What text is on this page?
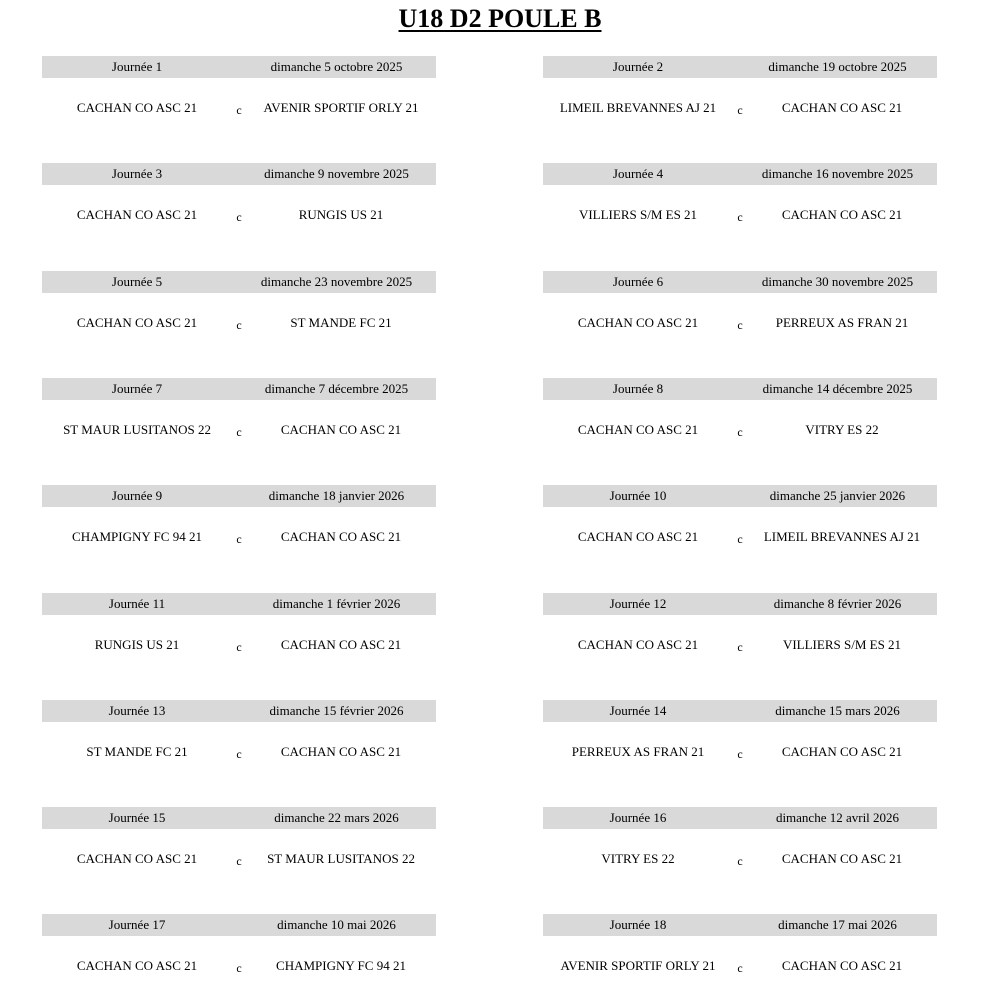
U18 D2 POULE B
Journée 1	dimanche 5 octobre 2025
CACHAN CO ASC 21	c	AVENIR SPORTIF ORLY 21
Journée 2	dimanche 19 octobre 2025
LIMEIL BREVANNES AJ 21	c	CACHAN CO ASC 21
Journée 3	dimanche 9 novembre 2025
CACHAN CO ASC 21	c	RUNGIS US 21
Journée 4	dimanche 16 novembre 2025
VILLIERS S/M ES 21	c	CACHAN CO ASC 21
Journée 5	dimanche 23 novembre 2025
CACHAN CO ASC 21	c	ST MANDE FC 21
Journée 6	dimanche 30 novembre 2025
CACHAN CO ASC 21	c	PERREUX AS FRAN 21
Journée 7	dimanche 7 décembre 2025
ST MAUR LUSITANOS 22	c	CACHAN CO ASC 21
Journée 8	dimanche 14 décembre 2025
CACHAN CO ASC 21	c	VITRY ES 22
Journée 9	dimanche 18 janvier 2026
CHAMPIGNY FC 94 21	c	CACHAN CO ASC 21
Journée 10	dimanche 25 janvier 2026
CACHAN CO ASC 21	c	LIMEIL BREVANNES AJ 21
Journée 11	dimanche 1 février 2026
RUNGIS US 21	c	CACHAN CO ASC 21
Journée 12	dimanche 8 février 2026
CACHAN CO ASC 21	c	VILLIERS S/M ES 21
Journée 13	dimanche 15 février 2026
ST MANDE FC 21	c	CACHAN CO ASC 21
Journée 14	dimanche 15 mars 2026
PERREUX AS FRAN 21	c	CACHAN CO ASC 21
Journée 15	dimanche 22 mars 2026
CACHAN CO ASC 21	c	ST MAUR LUSITANOS 22
Journée 16	dimanche 12 avril 2026
VITRY ES 22	c	CACHAN CO ASC 21
Journée 17	dimanche 10 mai 2026
CACHAN CO ASC 21	c	CHAMPIGNY FC 94 21
Journée 18	dimanche 17 mai 2026
AVENIR SPORTIF ORLY 21	c	CACHAN CO ASC 21
